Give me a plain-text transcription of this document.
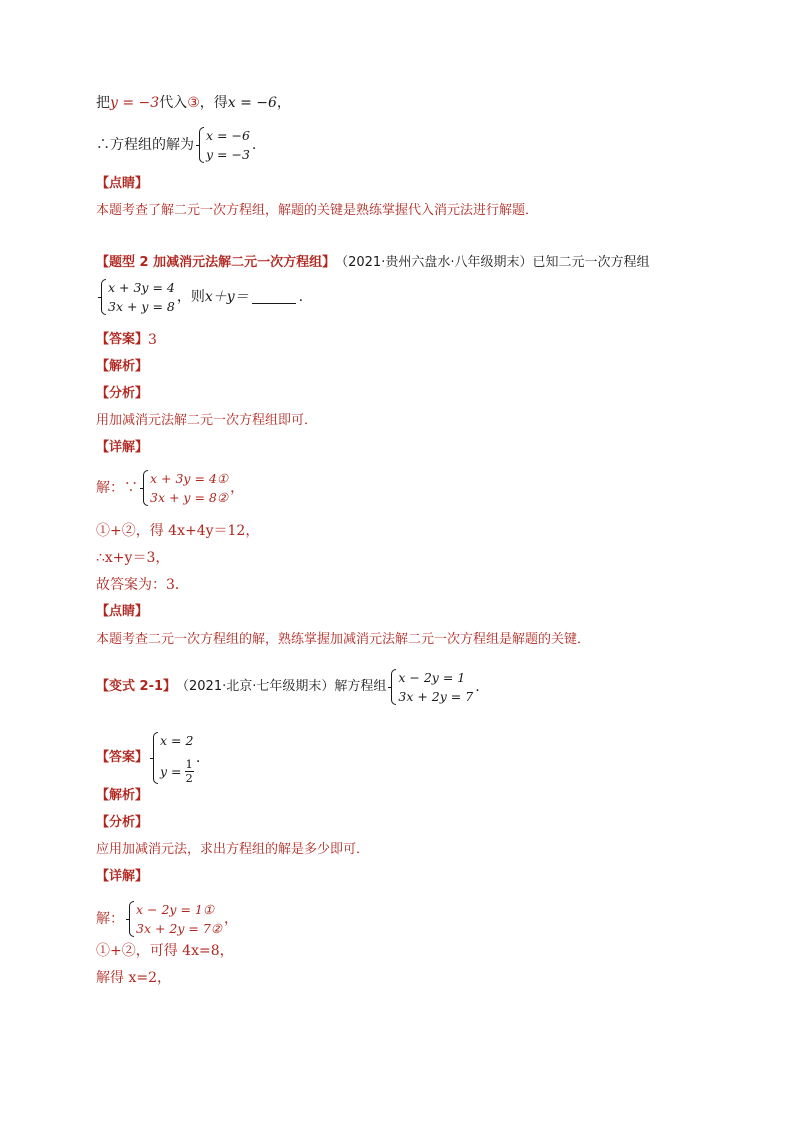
把 y = −3 代入 ③ ，得 x = −6 ，
∴方程组的解为
x = −6
y = −3
.
【点睛】
本题考查了解二元一次方程组，解题的关键是熟练掌握代入消元法进行解题．
【题型 2 加减消元法解二元一次方程组】 （2021·贵州六盘水·八年级期末）已知二元一次方程组
x + 3y = 4
3x + y = 8
，则 x＋y＝	.
【答案】 3
【解析】
【分析】
用加减消元法解二元一次方程组即可．
【详解】
解：∵
x + 3y = 4①
3x + y = 8②
，
①+②，得 4x+4y＝12，
∴x+y＝3，
故答案为：3．
【点睛】
本题考查二元一次方程组的解，熟练掌握加减消元法解二元一次方程组是解题的关键．
【变式 2-1】 （2021·北京·七年级期末）解方程组
x − 2y = 1
3x + 2y = 7
.
【答案】
x = 2
$y = \frac{1}{2}$ .
【解析】
【分析】
应用加减消元法，求出方程组的解是多少即可．
【详解】
解：
x − 2y = 1①
3x + 2y = 7②
，
①+②，可得 4x=8，
解得 x=2，
